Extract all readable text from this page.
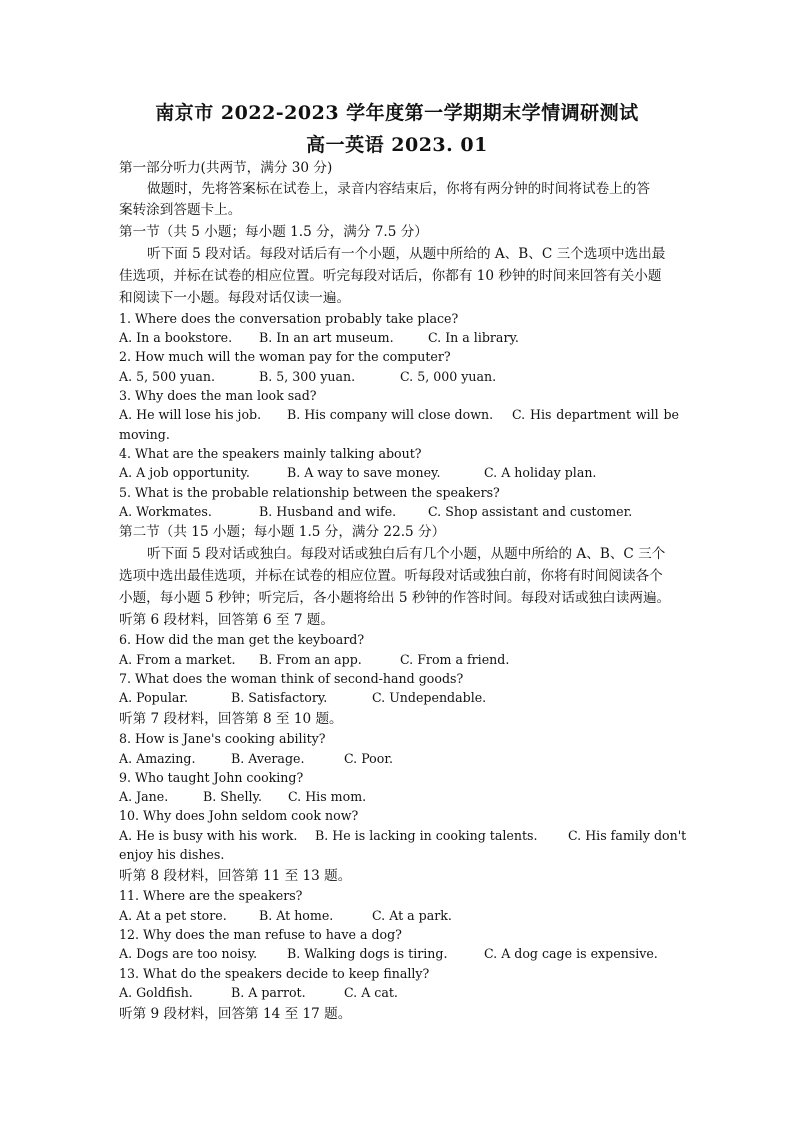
南京市 2022-2023 学年度第一学期期末学情调研测试
高一英语 2023. 01
第一部分听力(共两节，满分 30 分)
做题时，先将答案标在试卷上，录音内容结束后，你将有两分钟的时间将试卷上的答
案转涂到答题卡上。
第一节（共 5 小题；每小题 1.5 分，满分 7.5 分）
听下面 5 段对话。每段对话后有一个小题，从题中所给的 A、B、C 三个选项中选出最
佳选项，并标在试卷的相应位置。听完每段对话后，你都有 10 秒钟的时间来回答有关小题
和阅读下一小题。每段对话仅读一遍。
1. Where does the conversation probably take place?
A. In a bookstore.	B. In an art museum.	C. In a library.
2. How much will the woman pay for the computer?
A. 5, 500 yuan.	B. 5, 300 yuan.	C. 5, 000 yuan.
3. Why does the man look sad?
A. He will lose his job.	B. His company will close down.	C. His department will be
moving.
4. What are the speakers mainly talking about?
A. A job opportunity.	B. A way to save money.	C. A holiday plan.
5. What is the probable relationship between the speakers?
A. Workmates.	B. Husband and wife.	C. Shop assistant and customer.
第二节（共 15 小题；每小题 1.5 分，满分 22.5 分）
听下面 5 段对话或独白。每段对话或独白后有几个小题，从题中所给的 A、B、C 三个
选项中选出最佳选项，并标在试卷的相应位置。听每段对话或独白前，你将有时间阅读各个
小题，每小题 5 秒钟；听完后，各小题将给出 5 秒钟的作答时间。每段对话或独白读两遍。
听第 6 段材料，回答第 6 至 7 题。
6. How did the man get the keyboard?
A. From a market.	B. From an app.	C. From a friend.
7. What does the woman think of second-hand goods?
A. Popular.	B. Satisfactory.	C. Undependable.
听第 7 段材料，回答第 8 至 10 题。
8. How is Jane's cooking ability?
A. Amazing.	B. Average.	C. Poor.
9. Who taught John cooking?
A. Jane.	B. Shelly.	C. His mom.
10. Why does John seldom cook now?
A. He is busy with his work.	B. He is lacking in cooking talents.	C. His family don't
enjoy his dishes.
听第 8 段材料，回答第 11 至 13 题。
11. Where are the speakers?
A. At a pet store.	B. At home.	C. At a park.
12. Why does the man refuse to have a dog?
A. Dogs are too noisy.	B. Walking dogs is tiring.	C. A dog cage is expensive.
13. What do the speakers decide to keep finally?
A. Goldfish.	B. A parrot.	C. A cat.
听第 9 段材料，回答第 14 至 17 题。
